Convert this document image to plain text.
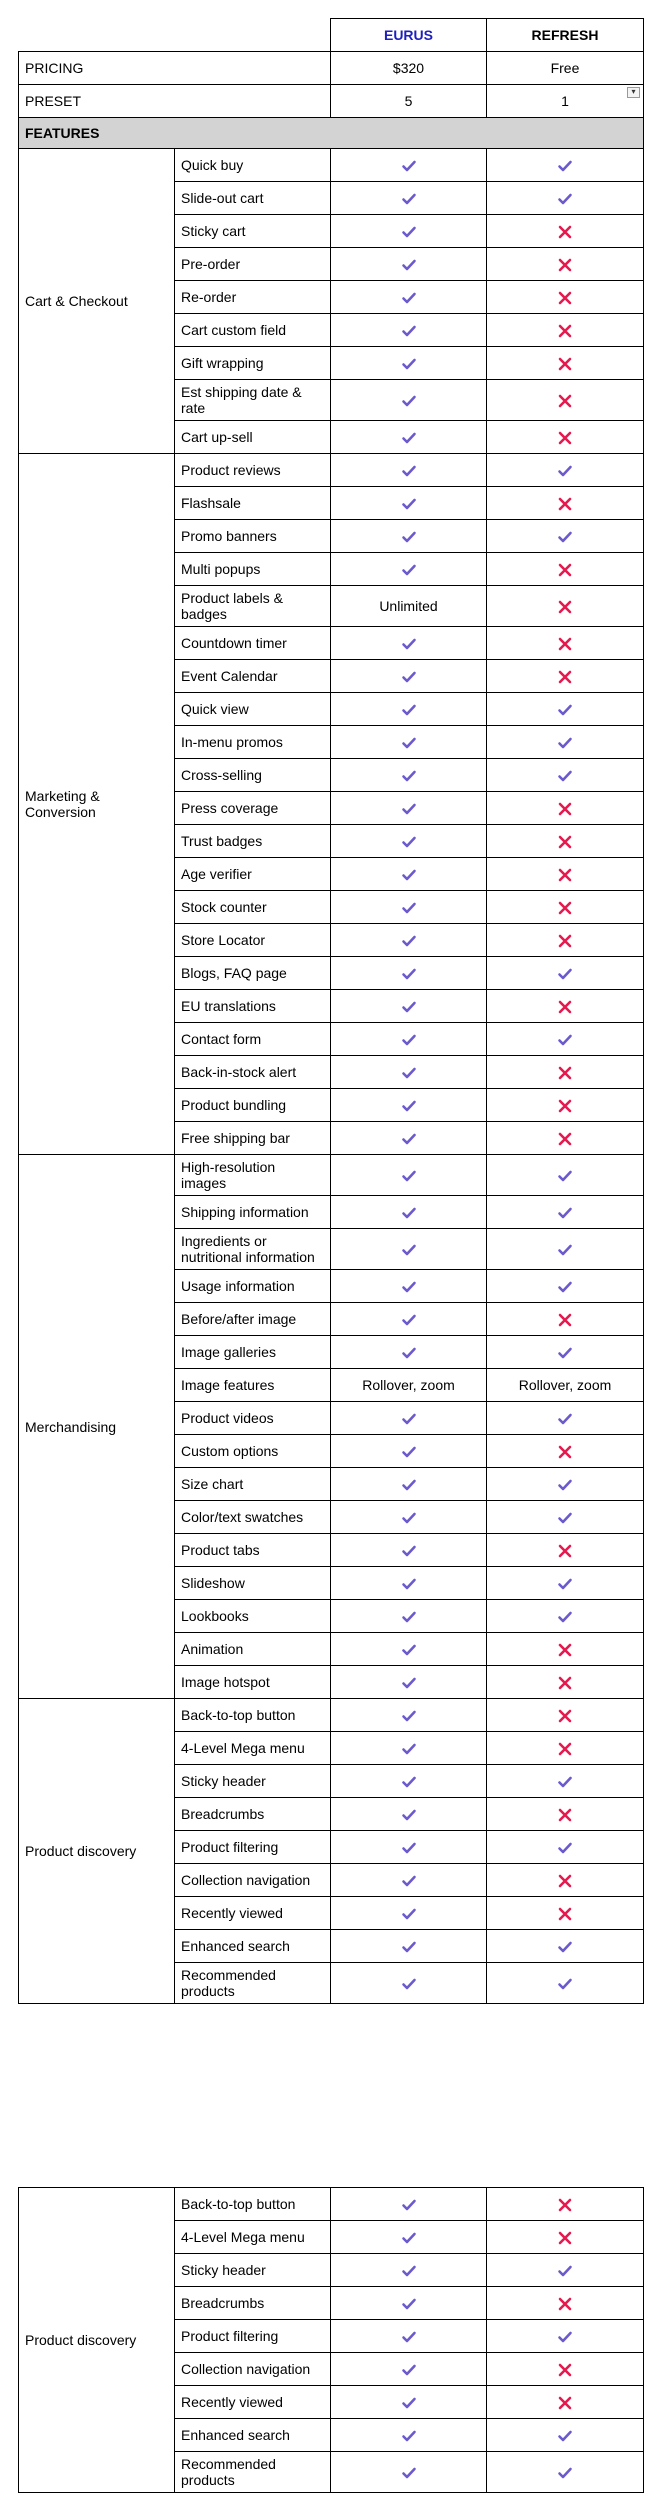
		EURUS	REFRESH
PRICING		$320	Free
PRESET		5	1
▾

FEATURES			
Cart & Checkout	Quick buy		
	Slide-out cart		
	Sticky cart		
	Pre-order		
	Re-order		
	Cart custom field		
	Gift wrapping		
	Est shipping date & rate		
	Cart up-sell		
Marketing & Conversion	Product reviews		
	Flashsale		
	Promo banners		
	Multi popups		
	Product labels & badges	Unlimited	
	Countdown timer		
	Event Calendar		
	Quick view		
	In-menu promos		
	Cross-selling		
	Press coverage		
	Trust badges		
	Age verifier		
	Stock counter		
	Store Locator		
	Blogs, FAQ page		
	EU translations		
	Contact form		
	Back-in-stock alert		
	Product bundling		
	Free shipping bar		
Merchandising	High-resolution images		
	Shipping information		
	Ingredients or nutritional information		
	Usage information		
	Before/after image		
	Image galleries		
	Image features	Rollover, zoom	Rollover, zoom
	Product videos		
	Custom options		
	Size chart		
	Color/text swatches		
	Product tabs		
	Slideshow		
	Lookbooks		
	Animation		
	Image hotspot		
Product discovery	Back-to-top button		
	4-Level Mega menu		
	Sticky header		
	Breadcrumbs		
	Product filtering		
	Collection navigation		
	Recently viewed		
	Enhanced search		
	Recommended products		
Product discovery	Back-to-top button		
	4-Level Mega menu		
	Sticky header		
	Breadcrumbs		
	Product filtering		
	Collection navigation		
	Recently viewed		
	Enhanced search		
	Recommended products		
